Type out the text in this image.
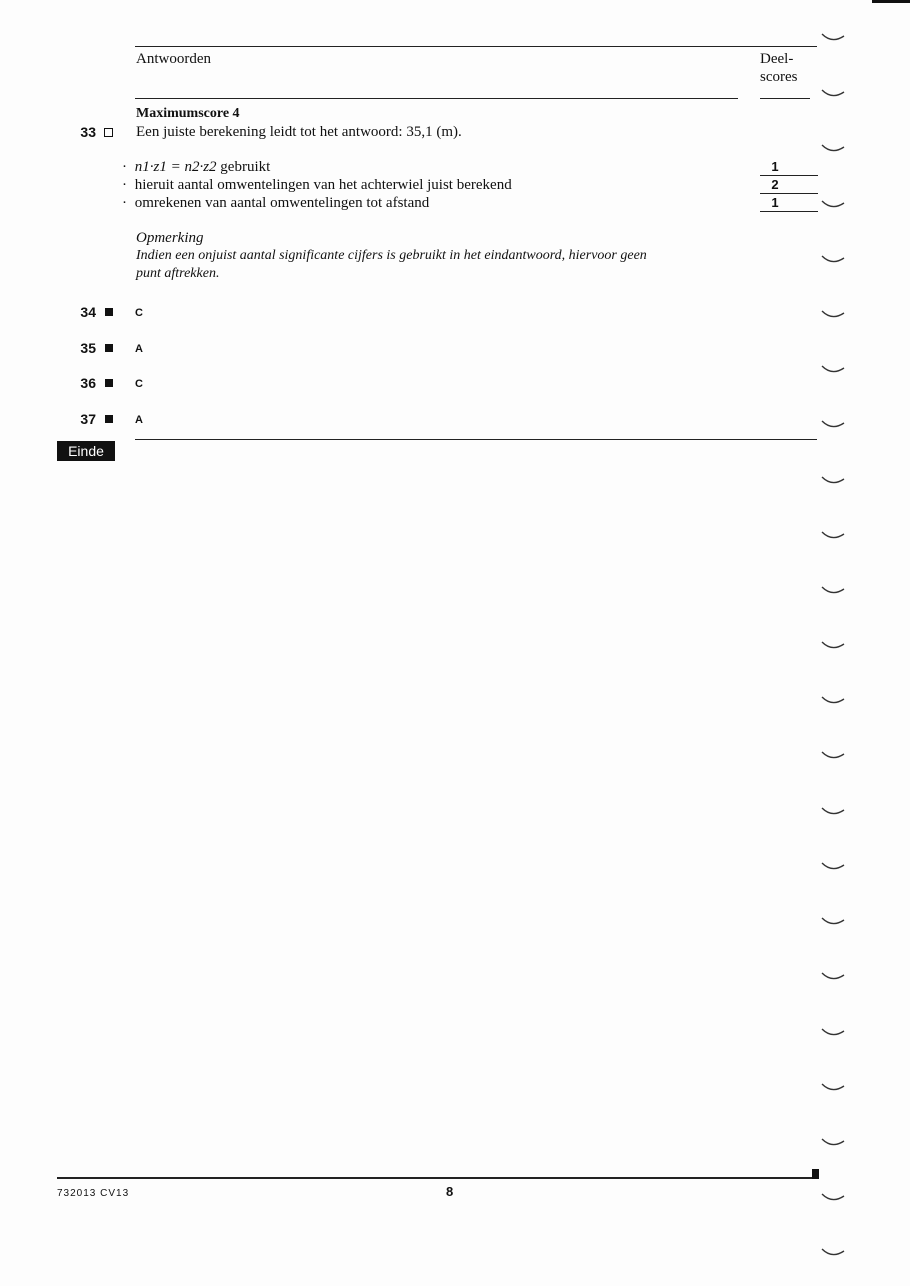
Antwoorden	Deel-
scores
Maximumscore 4
33	Een juiste berekening leidt tot het antwoord: 35,1 (m).
· n1·z1 = n2·z2 gebruikt	1
· hieruit aantal omwentelingen van het achterwiel juist berekend	2
· omrekenen van aantal omwentelingen tot afstand	1
Opmerking
Indien een onjuist aantal significante cijfers is gebruikt in het eindantwoord, hiervoor geen
punt aftrekken.
34	C
35	A
36	C
37	A
Einde
732013 CV13	8
